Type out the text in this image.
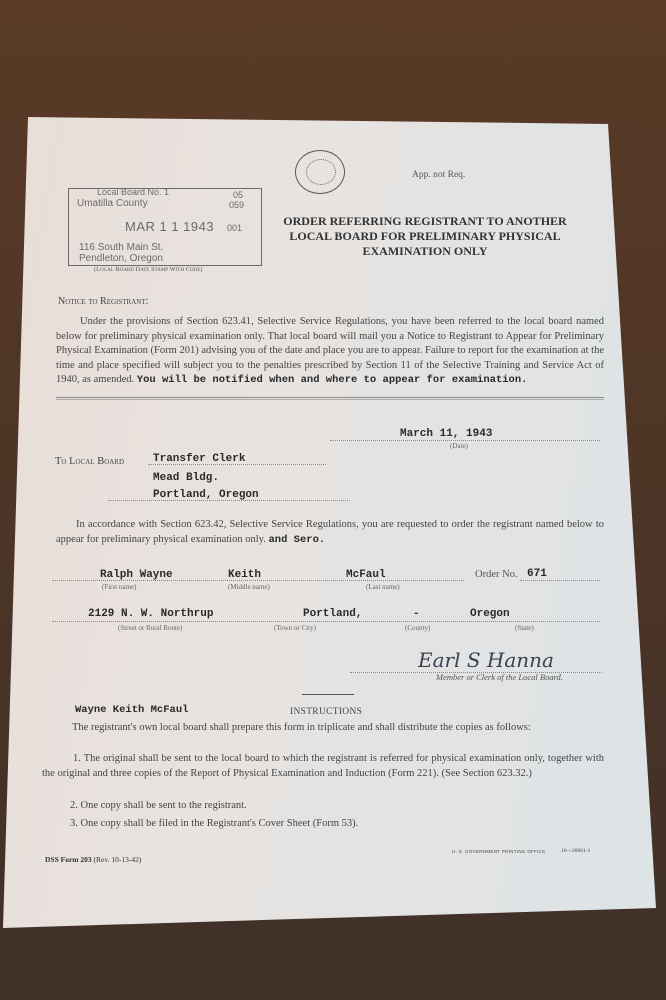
Local Board No. 1	05
Umatilla County	059
MAR 1 1 1943 001
116 South Main St.
Pendleton, Oregon
(Local Board Date Stamp With Code)
App. not Req.
ORDER REFERRING REGISTRANT TO ANOTHER
LOCAL BOARD FOR PRELIMINARY PHYSICAL
EXAMINATION ONLY
Notice to Registrant:
Under the provisions of Section 623.41, Selective Service Regulations, you have been referred to the local board named below for preliminary physical examination only. That local board will mail you a Notice to Registrant to Appear for Preliminary Physical Examination (Form 201) advising you of the date and place you are to appear. Failure to report for the examination at the time and place specified will subject you to the penalties prescribed by Section 11 of the Selective Training and Service Act of 1940, as amended. You will be notified when and where to appear for examination.
March 11, 1943
(Date)
To Local Board	Transfer Clerk
Mead Bldg.
Portland, Oregon
In accordance with Section 623.42, Selective Service Regulations, you are requested to order the registrant named below to appear for preliminary physical examination only. and Sero.
Ralph Wayne
(First name)
Keith
(Middle name)
McFaul
(Last name)
Order No. 671
2129 N. W. Northrup
(Street or Rural Route)
Portland,
(Town or City)
-
(County)
Oregon
(State)
Earl S Hanna
Member or Clerk of the Local Board.
Wayne Keith McFaul	INSTRUCTIONS
The registrant's own local board shall prepare this form in triplicate and shall distribute the copies as follows:
1. The original shall be sent to the local board to which the registrant is referred for physical examination only, together with the original and three copies of the Report of Physical Examination and Induction (Form 221). (See Section 623.32.)
2. One copy shall be sent to the registrant.
3. One copy shall be filed in the Registrant's Cover Sheet (Form 53).
DSS Form 203 (Rev. 10-13-42)
U. S. GOVERNMENT PRINTING OFFICE	16—20061-1
